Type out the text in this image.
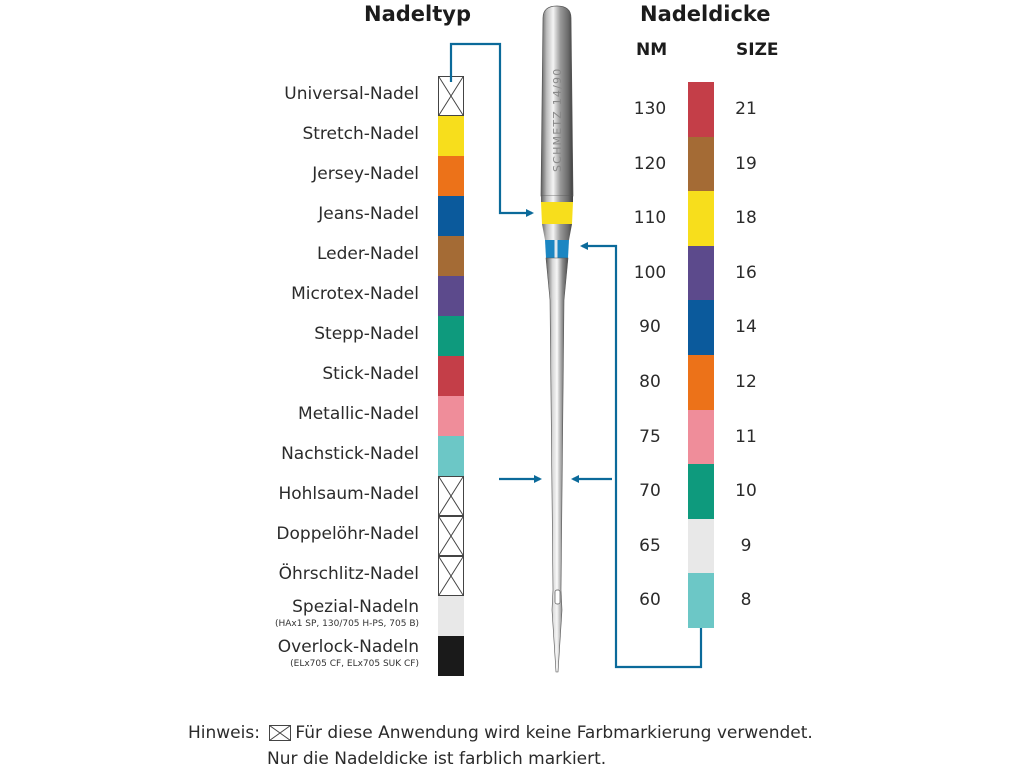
Nadeltyp	Nadeldicke
NM	SIZE
Universal-Nadel
Stretch-Nadel
Jersey-Nadel
Jeans-Nadel
Leder-Nadel
Microtex-Nadel
Stepp-Nadel
Stick-Nadel
Metallic-Nadel
Nachstick-Nadel
Hohlsaum-Nadel
Doppelöhr-Nadel
Öhrschlitz-Nadel
Spezial-Nadeln
(HAx1 SP, 130/705 H-PS, 705 B)
Overlock-Nadeln
(ELx705 CF, ELx705 SUK CF)
130	21
120	19
110	18
100	16
90	14
80	12
75	11
70	10
65	9
60	8
SCHMETZ 14/90
Hinweis: Für diese Anwendung wird keine Farbmarkierung verwendet.
Nur die Nadeldicke ist farblich markiert.
